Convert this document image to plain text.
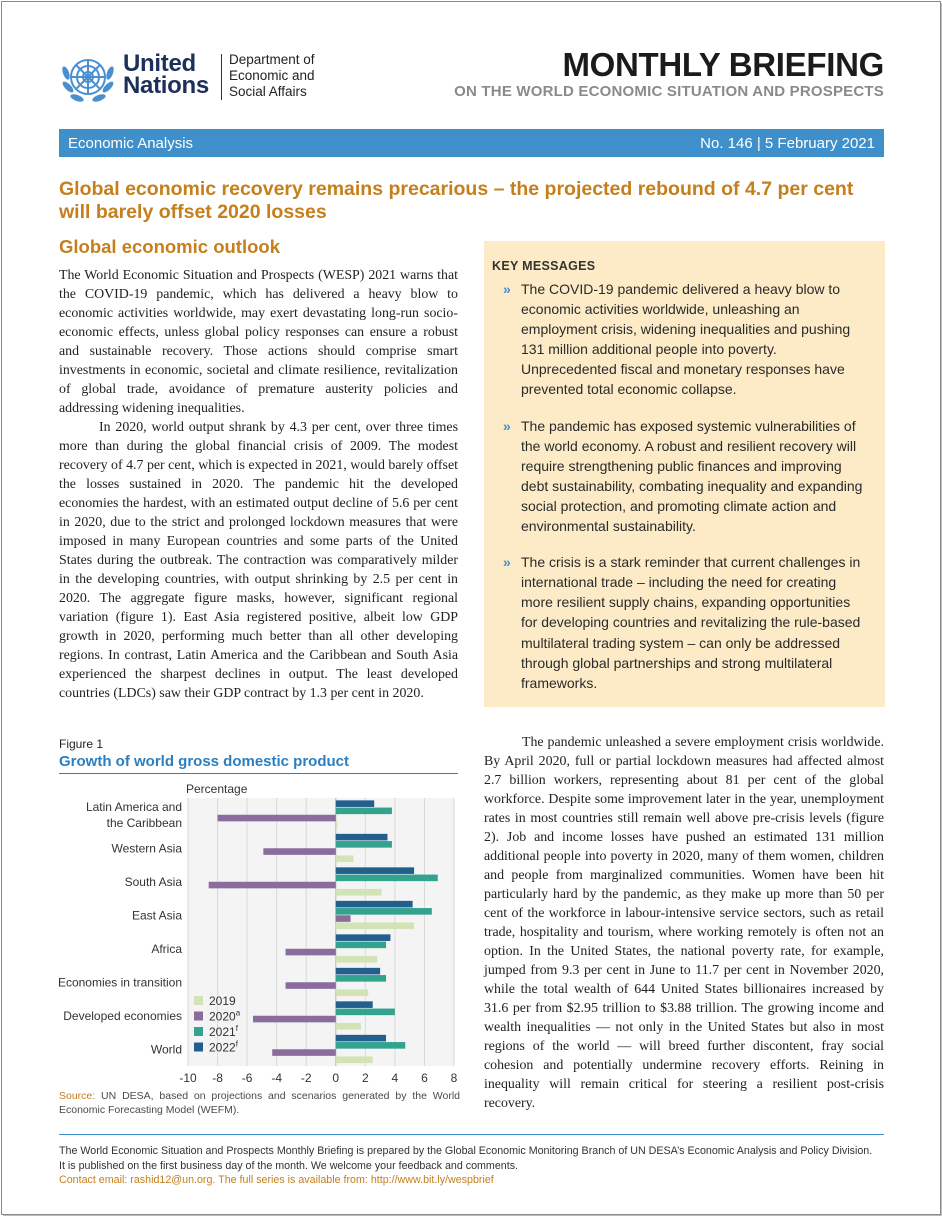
United
Nations
Department of
Economic and
Social Affairs
MONTHLY BRIEFING
ON THE WORLD ECONOMIC SITUATION AND PROSPECTS
Economic Analysis	No. 146 | 5 February 2021
Global economic recovery remains precarious – the projected rebound of 4.7 per cent will barely offset 2020 losses
Global economic outlook

The World Economic Situation and Prospects (WESP) 2021 warns that the COVID-19 pandemic, which has delivered a heavy blow to economic activities worldwide, may exert devastating long-run socio-economic effects, unless global policy responses can ensure a robust and sustainable recovery. Those actions should comprise smart investments in economic, societal and climate resilience, revitalization of global trade, avoidance of premature austerity policies and addressing widening inequalities.

In 2020, world output shrank by 4.3 per cent, over three times more than during the global financial crisis of 2009. The modest recovery of 4.7 per cent, which is expected in 2021, would barely offset the losses sustained in 2020. The pandemic hit the developed economies the hardest, with an estimated output decline of 5.6 per cent in 2020, due to the strict and prolonged lockdown measures that were imposed in many European countries and some parts of the United States during the outbreak. The contraction was comparatively milder in the developing countries, with output shrinking by 2.5 per cent in 2020. The aggregate figure masks, however, significant regional variation (figure 1). East Asia registered positive, albeit low GDP growth in 2020, performing much better than all other developing regions. In contrast, Latin America and the Caribbean and South Asia experienced the sharpest declines in output. The least developed countries (LDCs) saw their GDP contract by 1.3 per cent in 2020.

KEY MESSAGES
» The COVID-19 pandemic delivered a heavy blow to economic activities worldwide, unleashing an employment crisis, widening inequalities and pushing 131 million additional people into poverty. Unprecedented fiscal and monetary responses have prevented total economic collapse.
» The pandemic has exposed systemic vulnerabilities of the world economy. A robust and resilient recovery will require strengthening public finances and improving debt sustainability, combating inequality and expanding social protection, and promoting climate action and environmental sustainability.
» The crisis is a stark reminder that current challenges in international trade – including the need for creating more resilient supply chains, expanding opportunities for developing countries and revitalizing the rule-based multilateral trading system – can only be addressed through global partnerships and strong multilateral frameworks.
Figure 1
Growth of world gross domestic product
Percentage
Latin America and
the Caribbean
Western Asia
South Asia
East Asia
Africa
Economies in transition
Developed economies
World
-10 -8 -6 -4 -2 0 2 4 6 8
2019
2020$^a$
2021$^f$
2022$^f$
Source: UN DESA, based on projections and scenarios generated by the World Economic Forecasting Model (WEFM).

The pandemic unleashed a severe employment crisis worldwide. By April 2020, full or partial lockdown measures had affected almost 2.7 billion workers, representing about 81 per cent of the global workforce. Despite some improvement later in the year, unemployment rates in most countries still remain well above pre-crisis levels (figure 2). Job and income losses have pushed an estimated 131 million additional people into poverty in 2020, many of them women, children and people from marginalized communities. Women have been hit particularly hard by the pandemic, as they make up more than 50 per cent of the workforce in labour-intensive service sectors, such as retail trade, hospitality and tourism, where working remotely is often not an option. In the United States, the national poverty rate, for example, jumped from 9.3 per cent in June to 11.7 per cent in November 2020, while the total wealth of 644 United States billionaires increased by 31.6 per from $2.95 trillion to $3.88 trillion. The growing income and wealth inequalities — not only in the United States but also in most regions of the world — will breed further discontent, fray social cohesion and potentially undermine recovery efforts. Reining in inequality will remain critical for steering a resilient post-crisis recovery.

The World Economic Situation and Prospects Monthly Briefing is prepared by the Global Economic Monitoring Branch of UN DESA’s Economic Analysis and Policy Division.
It is published on the first business day of the month. We welcome your feedback and comments.
Contact email: rashid12@un.org. The full series is available from: http://www.bit.ly/wespbrief
